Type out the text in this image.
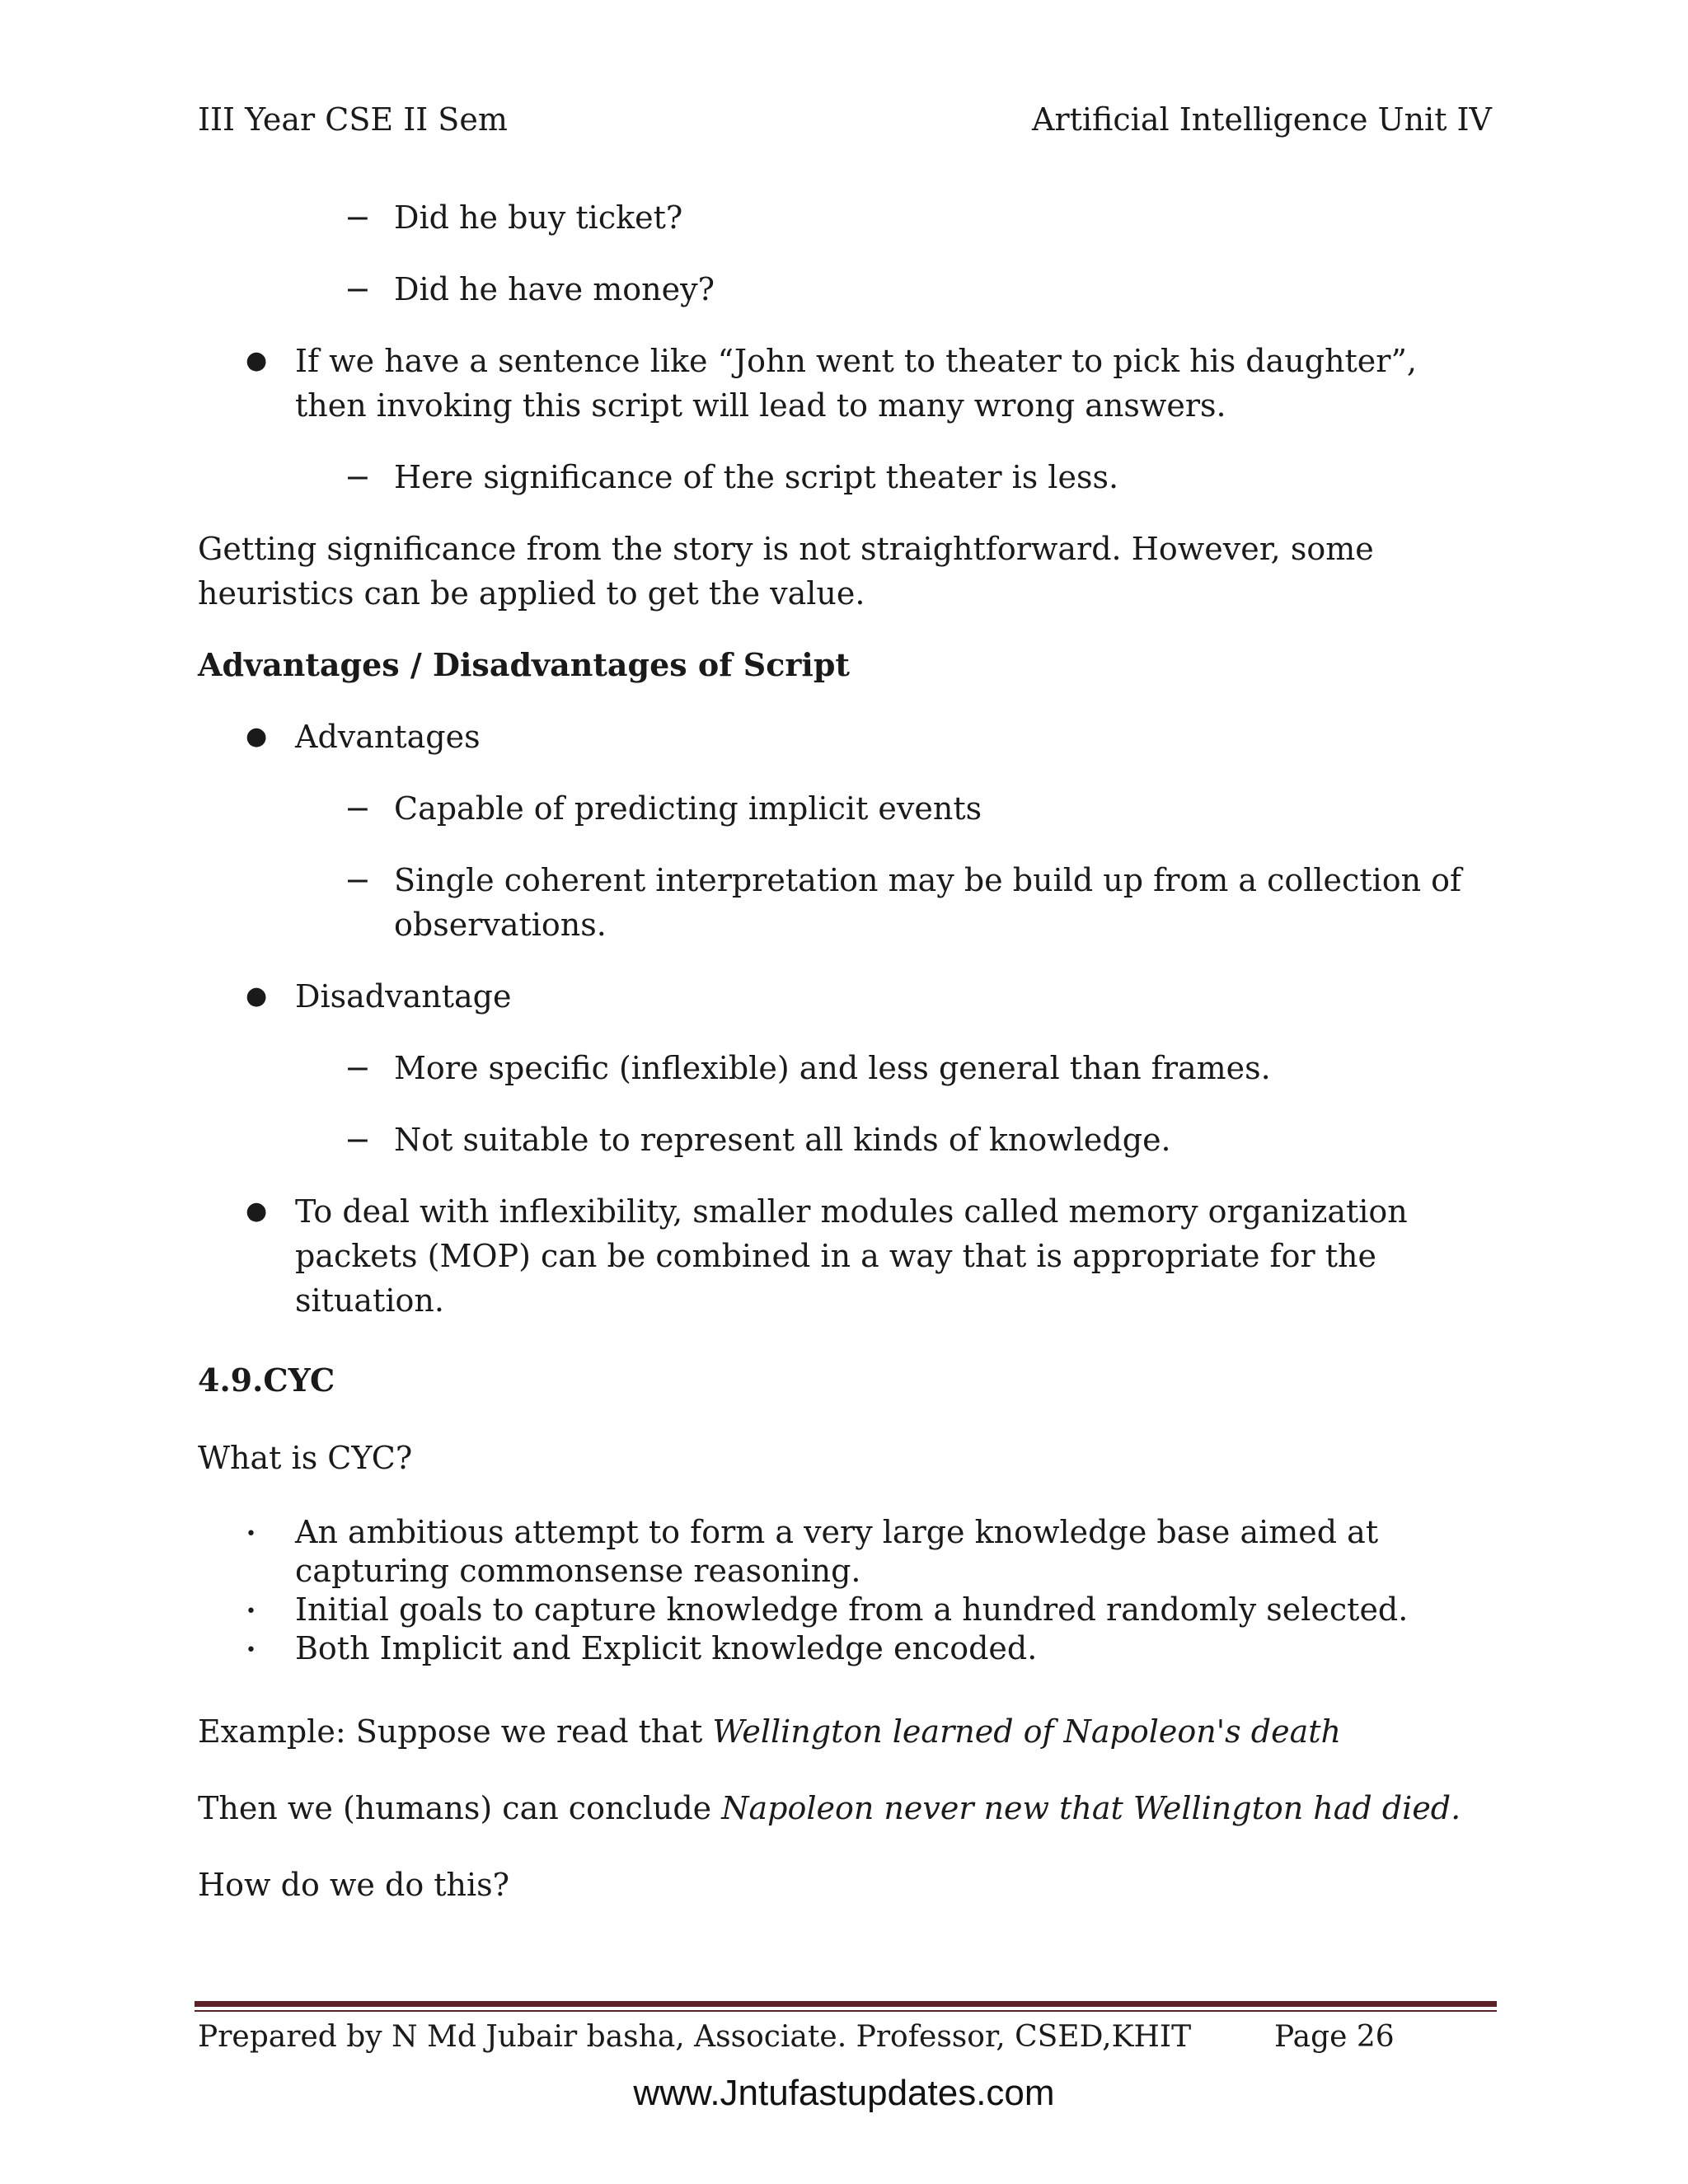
III Year CSE II Sem	Artificial Intelligence Unit IV
− Did he buy ticket?
− Did he have money?
● If we have a sentence like “John went to theater to pick his daughter”,
then invoking this script will lead to many wrong answers.
− Here significance of the script theater is less.
Getting significance from the story is not straightforward. However, some
heuristics can be applied to get the value.
Advantages / Disadvantages of Script
● Advantages
− Capable of predicting implicit events
− Single coherent interpretation may be build up from a collection of
observations.
● Disadvantage
− More specific (inflexible) and less general than frames.
− Not suitable to represent all kinds of knowledge.
● To deal with inflexibility, smaller modules called memory organization
packets (MOP) can be combined in a way that is appropriate for the
situation.
4.9.CYC
What is CYC?
• An ambitious attempt to form a very large knowledge base aimed at
capturing commonsense reasoning.
• Initial goals to capture knowledge from a hundred randomly selected.
• Both Implicit and Explicit knowledge encoded.
Example: Suppose we read that Wellington learned of Napoleon's death
Then we (humans) can conclude Napoleon never new that Wellington had died.
How do we do this?
Prepared by N Md Jubair basha, Associate. Professor, CSED,KHIT	Page 26
www.Jntufastupdates.com
